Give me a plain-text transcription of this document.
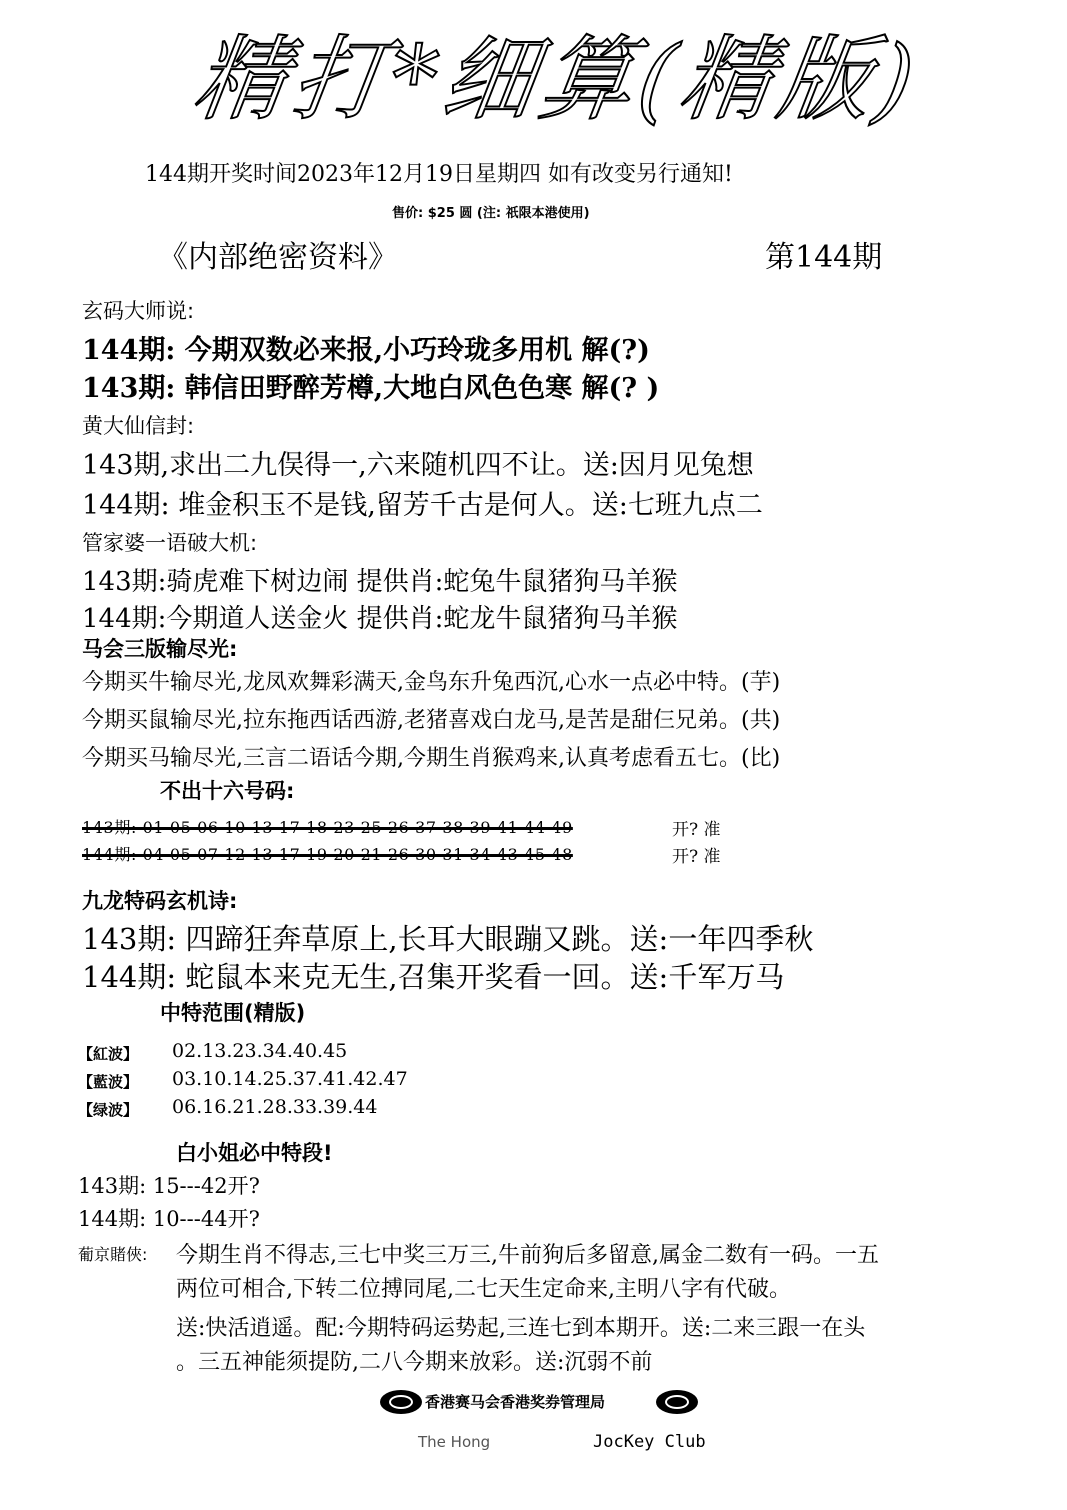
精打*细算(精版)
144期开奖时间2023年12月19日星期四 如有改变另行通知!
售价: $25 圆 (注: 祇限本港使用)
《内部绝密资料》	第144期
玄码大师说:
144期: 今期双数必来报,小巧玲珑多用机 解(?)
143期: 韩信田野醉芳樽,大地白风色色寒 解(? )
黄大仙信封:
143期,求出二九俣得一,六来随机四不让。送:因月见兔想
144期: 堆金积玉不是钱,留芳千古是何人。送:七班九点二
管家婆一语破大机:
143期:骑虎难下树边闹 提供肖:蛇兔牛鼠猪狗马羊猴
144期:今期道人送金火 提供肖:蛇龙牛鼠猪狗马羊猴
马会三版输尽光:
今期买牛输尽光,龙凤欢舞彩满天,金鸟东升兔西沉,心水一点必中特。(芋)
今期买鼠输尽光,拉东拖西话西游,老猪喜戏白龙马,是苦是甜仨兄弟。(共)
今期买马输尽光,三言二语话今期,今期生肖猴鸡来,认真考虑看五七。(比)
不出十六号码:
143期: 01 05 06 10 13 17 18 23 25 26 37 38 39 41 44 49	开? 准
144期: 04 05 07 12 13 17 19 20 21 26 30 31 34 43 45 48	开? 准
九龙特码玄机诗:
143期: 四蹄狂奔草原上,长耳大眼蹦又跳。送:一年四季秋
144期: 蛇鼠本来克无生,召集开奖看一回。送:千军万马
中特范围(精版)
【紅波】 02.13.23.34.40.45
【藍波】 03.10.14.25.37.41.42.47
【绿波】 06.16.21.28.33.39.44
白小姐必中特段!
143期: 15---42开?
144期: 10---44开?
葡京賭俠: 今期生肖不得志,三七中奖三万三,牛前狗后多留意,属金二数有一码。一五
两位可相合,下转二位搏同尾,二七天生定命来,主明八字有代破。
送:快活逍遥。配:今期特码运势起,三连七到本期开。送:二来三跟一在头
。三五神能须提防,二八今期来放彩。送:沉弱不前
香港赛马会香港奖券管理局
The Hong	JocKey Club
